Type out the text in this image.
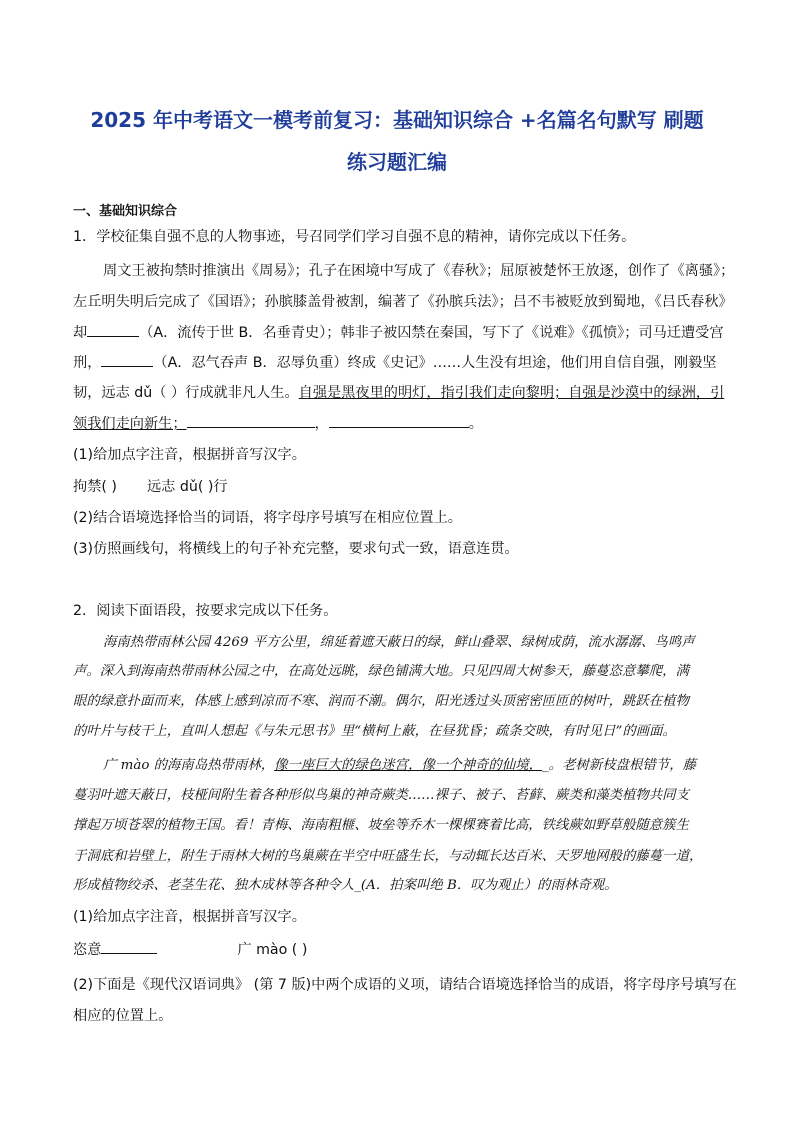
2025 年中考语文一模考前复习：基础知识综合 +名篇名句默写 刷题
练习题汇编
一、基础知识综合
1．学校征集自强不息的人物事迹，号召同学们学习自强不息的精神，请你完成以下任务。
周文王被拘禁时推演出《周易》；孔子在困境中写成了《春秋》；屈原被楚怀王放逐，创作了《离骚》；
左丘明失明后完成了《国语》；孙膑膝盖骨被割，编著了《孙膑兵法》；吕不韦被贬放到蜀地，《吕氏春秋》
却	（A．流传于世 B．名垂青史）；韩非子被囚禁在秦国，写下了《说难》《孤愤》；司马迁遭受宫
刑，	（A．忍气吞声 B．忍辱负重）终成《史记》……人生没有坦途，他们用自信自强，刚毅坚
韧，远志 dǔ（ ）行成就非凡人生。自强是黑夜里的明灯，指引我们走向黎明；自强是沙漠中的绿洲，引
领我们走向新生；	，	。
(1)给加点字注音，根据拼音写汉字。
拘禁( ) 远志 dǔ( )行
(2)结合语境选择恰当的词语，将字母序号填写在相应位置上。
(3)仿照画线句，将横线上的句子补充完整，要求句式一致，语意连贯。
2．阅读下面语段，按要求完成以下任务。
海南热带雨林公园 4269 平方公里，绵延着遮天蔽日的绿，鲜山叠翠、绿树成荫，流水潺潺、鸟鸣声
声。深入到海南热带雨林公园之中，在高处远眺，绿色铺满大地。只见四周大树参天，藤蔓恣意攀爬，满
眼的绿意扑面而来，体感上感到凉而不寒、润而不潮。偶尔，阳光透过头顶密密匝匝的树叶，跳跃在植物
的叶片与枝干上，直叫人想起《与朱元思书》里“横柯上蔽，在昼犹昏；疏条交映，有时见日”的画面。
广 mào 的海南岛热带雨林，像一座巨大的绿色迷宫，像一个神奇的仙境，_。老树新枝盘根错节，藤
蔓羽叶遮天蔽日，枝桠间附生着各种形似鸟巢的神奇蕨类……裸子、被子、苔藓、蕨类和藻类植物共同支
撑起万顷苍翠的植物王国。看！青梅、海南粗榧、坡垒等乔木一棵棵赛着比高，铁线蕨如野草般随意簇生
于洞底和岩壁上，附生于雨林大树的鸟巢蕨在半空中旺盛生长，与动辄长达百米、天罗地网般的藤蔓一道，
形成植物绞杀、老茎生花、独木成林等各种令人_(A．拍案叫绝 B．叹为观止）的雨林奇观。
(1)给加点字注音，根据拼音写汉字。
恣意	广 mào ( )
(2)下面是《现代汉语词典》 (第 7 版)中两个成语的义项，请结合语境选择恰当的成语，将字母序号填写在
相应的位置上。
